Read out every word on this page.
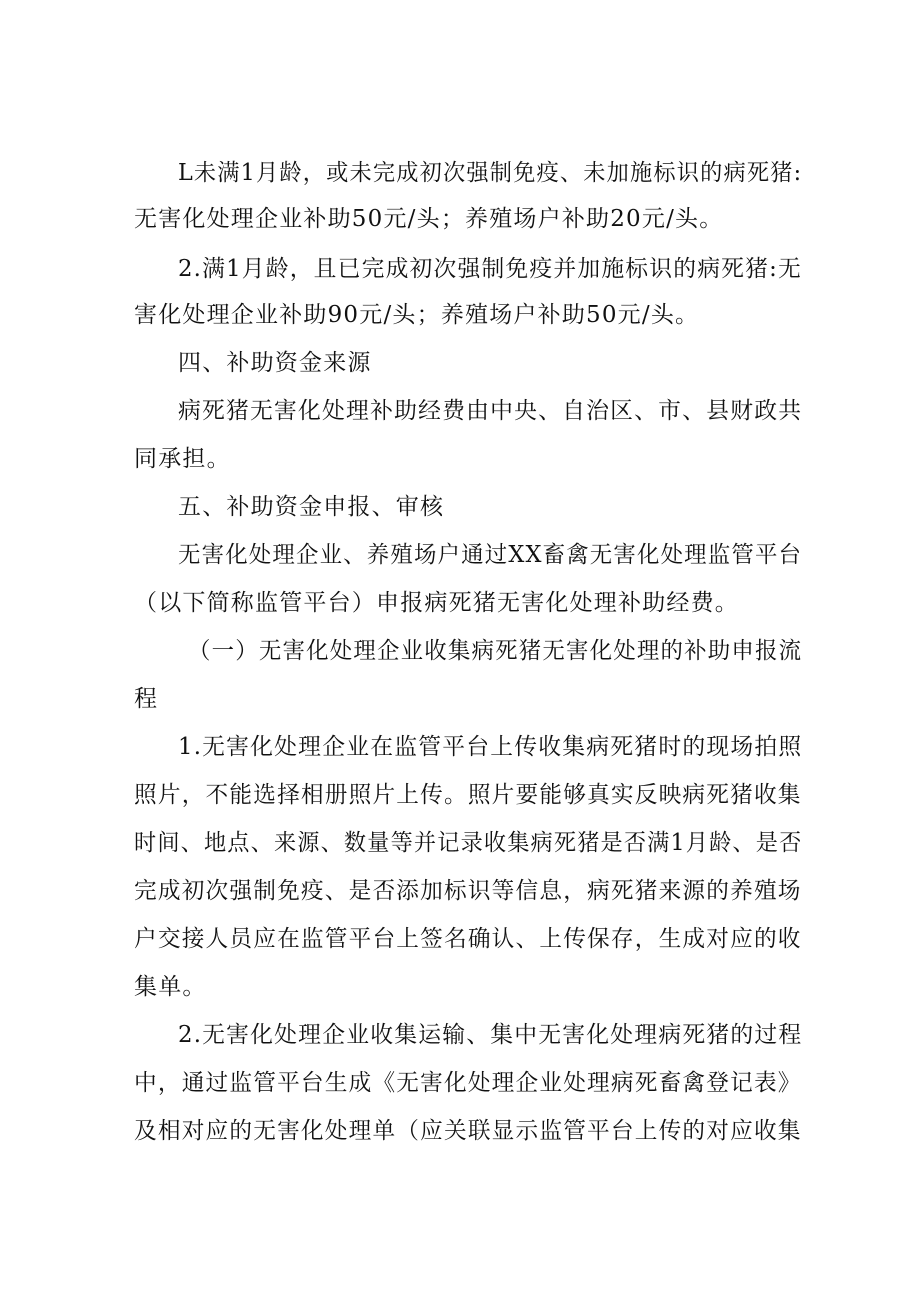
L未满1月龄，或未完成初次强制免疫、未加施标识的病死猪:
无害化处理企业补助50元/头；养殖场户补助20元/头。
2.满1月龄，且已完成初次强制免疫并加施标识的病死猪:无
害化处理企业补助90元/头；养殖场户补助50元/头。
四、补助资金来源
病死猪无害化处理补助经费由中央、自治区、市、县财政共
同承担。
五、补助资金申报、审核
无害化处理企业、养殖场户通过XX畜禽无害化处理监管平台
（以下简称监管平台）申报病死猪无害化处理补助经费。
（一）无害化处理企业收集病死猪无害化处理的补助申报流
程
1.无害化处理企业在监管平台上传收集病死猪时的现场拍照
照片，不能选择相册照片上传。照片要能够真实反映病死猪收集
时间、地点、来源、数量等并记录收集病死猪是否满1月龄、是否
完成初次强制免疫、是否添加标识等信息，病死猪来源的养殖场
户交接人员应在监管平台上签名确认、上传保存，生成对应的收
集单。
2.无害化处理企业收集运输、集中无害化处理病死猪的过程
中，通过监管平台生成《无害化处理企业处理病死畜禽登记表》
及相对应的无害化处理单（应关联显示监管平台上传的对应收集
